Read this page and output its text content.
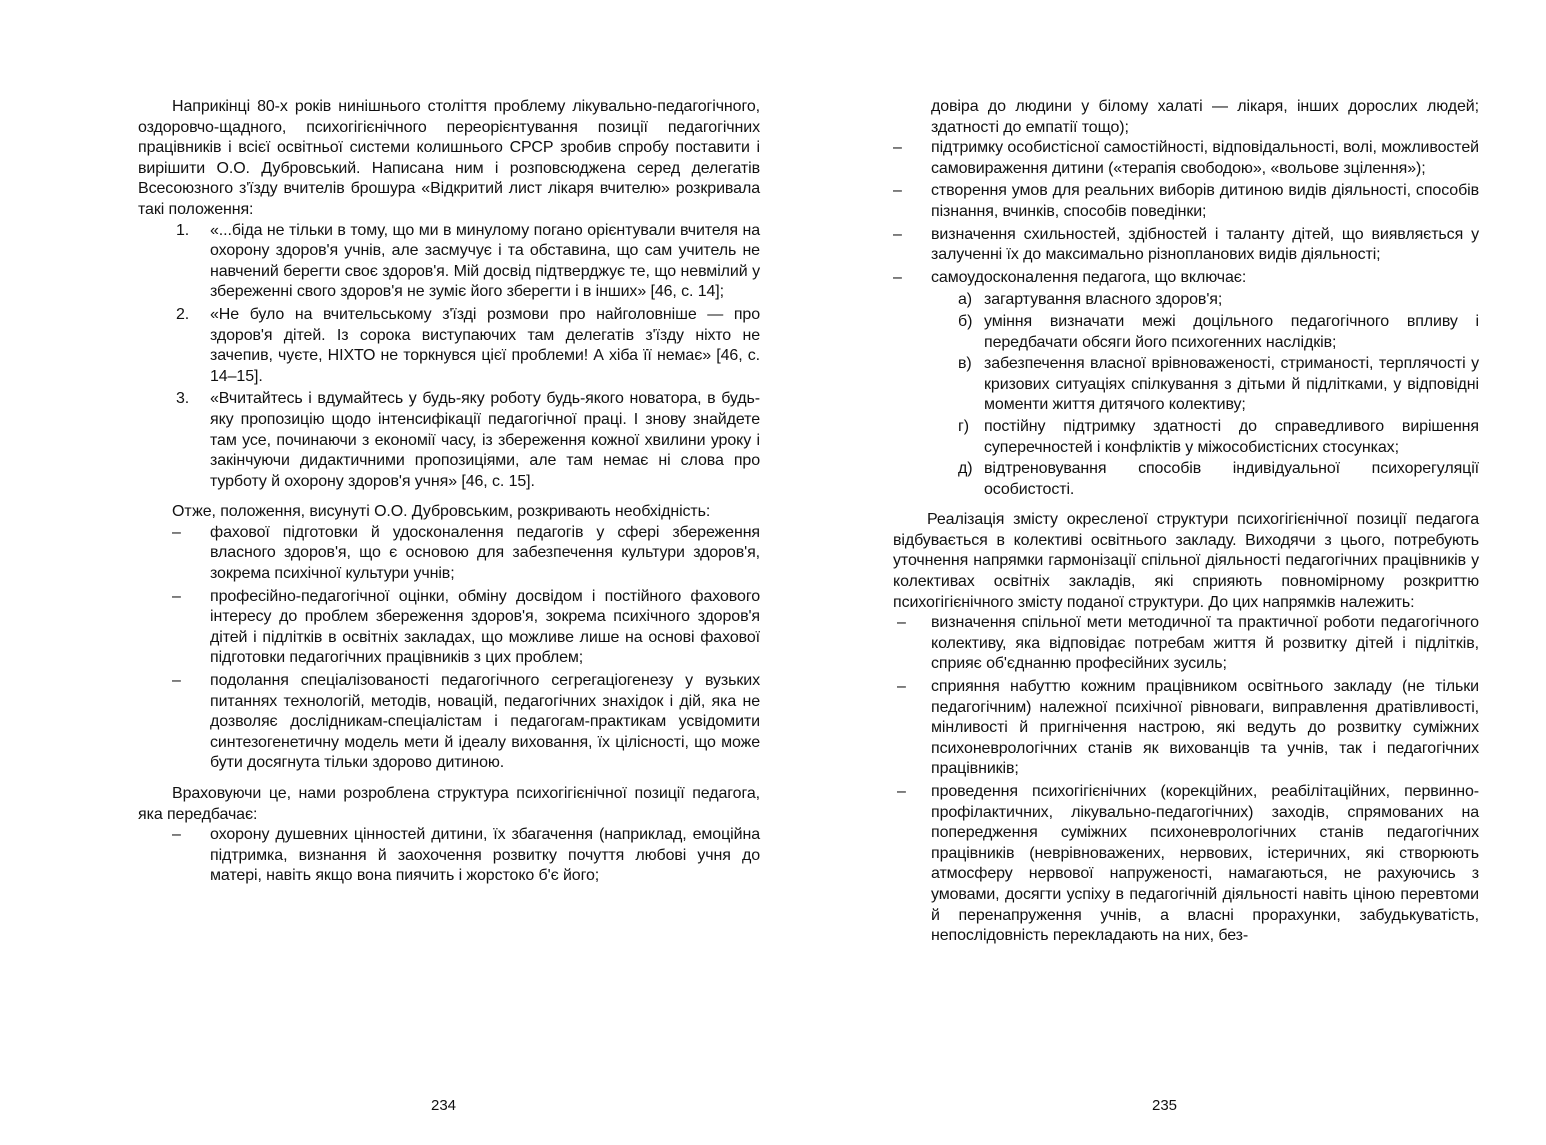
Наприкінці 80-х років нинішнього століття проблему лікувально-педагогічного, оздоровчо-щадного, психогігієнічного переорієнтування позиції педагогічних працівників і всієї освітньої системи колишнього СРСР зробив спробу поставити і вирішити О.О. Дубровський. Написана ним і розповсюджена серед делегатів Всесоюзного з'їзду вчителів брошура «Відкритий лист лікаря вчителю» розкривала такі положення:

1. «...біда не тільки в тому, що ми в минулому погано орієнтували вчителя на охорону здоров'я учнів, але засмучує і та обставина, що сам учитель не навчений берегти своє здоров'я. Мій досвід підтверджує те, що невмілий у збереженні свого здоров'я не зуміє його зберегти і в інших» [46, с. 14];
2. «Не було на вчительському з'їзді розмови про найголовніше — про здоров'я дітей. Із сорока виступаючих там делегатів з'їзду ніхто не зачепив, чуєте, НІХТО не торкнувся цієї проблеми! А хіба її немає» [46, с. 14–15].
3. «Вчитайтесь і вдумайтесь у будь-яку роботу будь-якого новатора, в будь-яку пропозицію щодо інтенсифікації педагогічної праці. І знову знайдете там усе, починаючи з економії часу, із збереження кожної хвилини уроку і закінчуючи дидактичними пропозиціями, але там немає ні слова про турботу й охорону здоров'я учня» [46, с. 15].

Отже, положення, висунуті О.О. Дубровським, розкривають необхідність:

– фахової підготовки й удосконалення педагогів у сфері збереження власного здоров'я, що є основою для забезпечення культури здоров'я, зокрема психічної культури учнів;
– професійно-педагогічної оцінки, обміну досвідом і постійного фахового інтересу до проблем збереження здоров'я, зокрема психічного здоров'я дітей і підлітків в освітніх закладах, що можливе лише на основі фахової підготовки педагогічних працівників з цих проблем;
– подолання спеціалізованості педагогічного сегрегаціогенезу у вузьких питаннях технологій, методів, новацій, педагогічних знахідок і дій, яка не дозволяє дослідникам-спеціалістам і педагогам-практикам усвідомити синтезогенетичну модель мети й ідеалу виховання, їх цілісності, що може бути досягнута тільки здорово дитиною.

Враховуючи це, нами розроблена структура психогігієнічної позиції педагога, яка передбачає:

– охорону душевних цінностей дитини, їх збагачення (наприклад, емоційна підтримка, визнання й заохочення розвитку почуття любові учня до матері, навіть якщо вона пиячить і жорстоко б'є його;
234

довіра до людини у білому халаті — лікаря, інших дорослих людей; здатності до емпатії тощо);

– підтримку особистісної самостійності, відповідальності, волі, можливостей самовираження дитини («терапія свободою», «вольове зцілення»);
– створення умов для реальних виборів дитиною видів діяльності, способів пізнання, вчинків, способів поведінки;
– визначення схильностей, здібностей і таланту дітей, що виявляється у залученні їх до максимально різнопланових видів діяльності;
– самоудосконалення педагога, що включає:
а) загартування власного здоров'я;
б) уміння визначати межі доцільного педагогічного впливу і передбачати обсяги його психогенних наслідків;
в) забезпечення власної врівноваженості, стриманості, терплячості у кризових ситуаціях спілкування з дітьми й підлітками, у відповідні моменти життя дитячого колективу;
г) постійну підтримку здатності до справедливого вирішення суперечностей і конфліктів у міжособистісних стосунках;
д) відтреновування способів індивідуальної психорегуляції особистості.

Реалізація змісту окресленої структури психогігієнічної позиції педагога відбувається в колективі освітнього закладу. Виходячи з цього, потребують уточнення напрямки гармонізації спільної діяльності педагогічних працівників у колективах освітніх закладів, які сприяють повномірному розкриттю психогігієнічного змісту поданої структури. До цих напрямків належить:

– визначення спільної мети методичної та практичної роботи педагогічного колективу, яка відповідає потребам життя й розвитку дітей і підлітків, сприяє об'єднанню професійних зусиль;
– сприяння набуттю кожним працівником освітнього закладу (не тільки педагогічним) належної психічної рівноваги, виправлення дратівливості, мінливості й пригнічення настрою, які ведуть до розвитку суміжних психоневрологічних станів як вихованців та учнів, так і педагогічних працівників;
– проведення психогігієнічних (корекційних, реабілітаційних, первинно-профілактичних, лікувально-педагогічних) заходів, спрямованих на попередження суміжних психоневрологічних станів педагогічних працівників (неврівноважених, нервових, істеричних, які створюють атмосферу нервової напруженості, намагаються, не рахуючись з умовами, досягти успіху в педагогічній діяльності навіть ціною перевтоми й перенапруження учнів, а власні прорахунки, забудькуватість, непослідовність перекладають на них, без-
235
